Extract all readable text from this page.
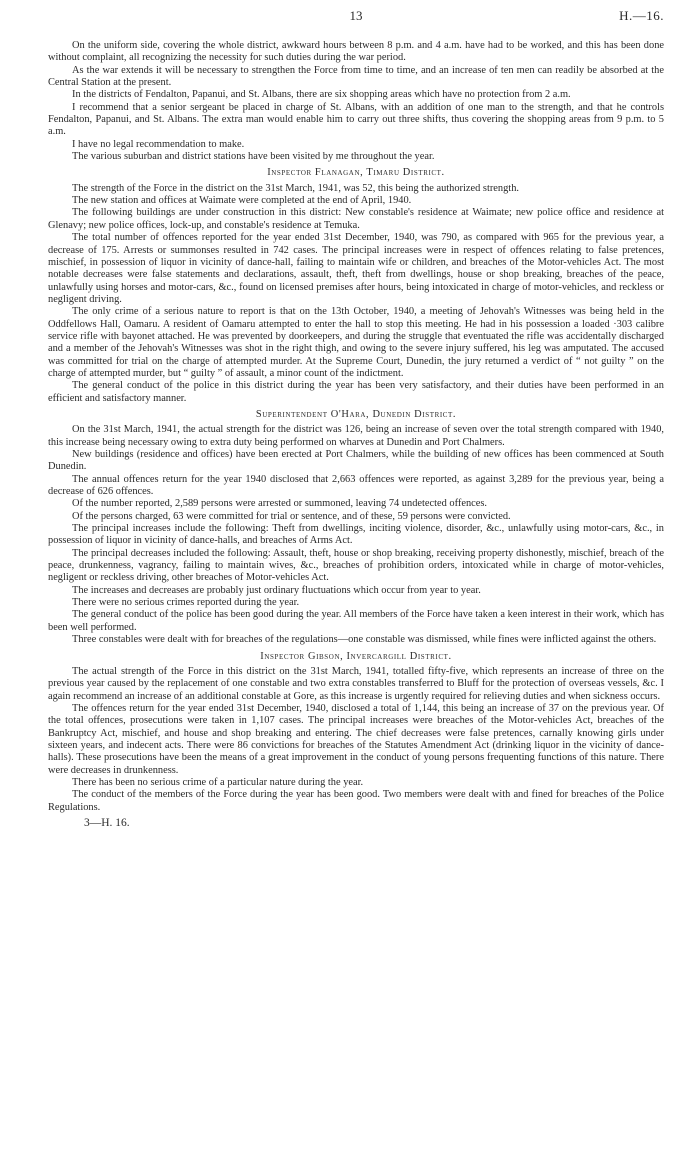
13	H.—16.

On the uniform side, covering the whole district, awkward hours between 8 p.m. and 4 a.m. have had to be worked, and this has been done without complaint, all recognizing the necessity for such duties during the war period.

As the war extends it will be necessary to strengthen the Force from time to time, and an increase of ten men can readily be absorbed at the Central Station at the present.

In the districts of Fendalton, Papanui, and St. Albans, there are six shopping areas which have no protection from 2 a.m.

I recommend that a senior sergeant be placed in charge of St. Albans, with an addition of one man to the strength, and that he controls Fendalton, Papanui, and St. Albans. The extra man would enable him to carry out three shifts, thus covering the shopping areas from 9 p.m. to 5 a.m.

I have no legal recommendation to make.

The various suburban and district stations have been visited by me throughout the year.

Inspector Flanagan, Timaru District.

The strength of the Force in the district on the 31st March, 1941, was 52, this being the authorized strength.

The new station and offices at Waimate were completed at the end of April, 1940.

The following buildings are under construction in this district: New constable's residence at Waimate; new police office and residence at Glenavy; new police offices, lock-up, and constable's residence at Temuka.

The total number of offences reported for the year ended 31st December, 1940, was 790, as compared with 965 for the previous year, a decrease of 175. Arrests or summonses resulted in 742 cases. The principal increases were in respect of offences relating to false pretences, mischief, in possession of liquor in vicinity of dance-hall, failing to maintain wife or children, and breaches of the Motor-vehicles Act. The most notable decreases were false statements and declarations, assault, theft, theft from dwellings, house or shop breaking, breaches of the peace, unlawfully using horses and motor-cars, &c., found on licensed premises after hours, being intoxicated in charge of motor-vehicles, and reckless or negligent driving.

The only crime of a serious nature to report is that on the 13th October, 1940, a meeting of Jehovah's Witnesses was being held in the Oddfellows Hall, Oamaru. A resident of Oamaru attempted to enter the hall to stop this meeting. He had in his possession a loaded ·303 calibre service rifle with bayonet attached. He was prevented by doorkeepers, and during the struggle that eventuated the rifle was accidentally discharged and a member of the Jehovah's Witnesses was shot in the right thigh, and owing to the severe injury suffered, his leg was amputated. The accused was committed for trial on the charge of attempted murder. At the Supreme Court, Dunedin, the jury returned a verdict of “ not guilty ” on the charge of attempted murder, but “ guilty ” of assault, a minor count of the indictment.

The general conduct of the police in this district during the year has been very satisfactory, and their duties have been performed in an efficient and satisfactory manner.

Superintendent O'Hara, Dunedin District.

On the 31st March, 1941, the actual strength for the district was 126, being an increase of seven over the total strength compared with 1940, this increase being necessary owing to extra duty being performed on wharves at Dunedin and Port Chalmers.

New buildings (residence and offices) have been erected at Port Chalmers, while the building of new offices has been commenced at South Dunedin.

The annual offences return for the year 1940 disclosed that 2,663 offences were reported, as against 3,289 for the previous year, being a decrease of 626 offences.

Of the number reported, 2,589 persons were arrested or summoned, leaving 74 undetected offences.

Of the persons charged, 63 were committed for trial or sentence, and of these, 59 persons were convicted.

The principal increases include the following: Theft from dwellings, inciting violence, disorder, &c., unlawfully using motor-cars, &c., in possession of liquor in vicinity of dance-halls, and breaches of Arms Act.

The principal decreases included the following: Assault, theft, house or shop breaking, receiving property dishonestly, mischief, breach of the peace, drunkenness, vagrancy, failing to maintain wives, &c., breaches of prohibition orders, intoxicated while in charge of motor-vehicles, negligent or reckless driving, other breaches of Motor-vehicles Act.

The increases and decreases are probably just ordinary fluctuations which occur from year to year.

There were no serious crimes reported during the year.

The general conduct of the police has been good during the year. All members of the Force have taken a keen interest in their work, which has been well performed.

Three constables were dealt with for breaches of the regulations—one constable was dismissed, while fines were inflicted against the others.

Inspector Gibson, Invercargill District.

The actual strength of the Force in this district on the 31st March, 1941, totalled fifty-five, which represents an increase of three on the previous year caused by the replacement of one constable and two extra constables transferred to Bluff for the protection of overseas vessels, &c. I again recommend an increase of an additional constable at Gore, as this increase is urgently required for relieving duties and when sickness occurs.

The offences return for the year ended 31st December, 1940, disclosed a total of 1,144, this being an increase of 37 on the previous year. Of the total offences, prosecutions were taken in 1,107 cases. The principal increases were breaches of the Motor-vehicles Act, breaches of the Bankruptcy Act, mischief, and house and shop breaking and entering. The chief decreases were false pretences, carnally knowing girls under sixteen years, and indecent acts. There were 86 convictions for breaches of the Statutes Amendment Act (drinking liquor in the vicinity of dance-halls). These prosecutions have been the means of a great improvement in the conduct of young persons frequenting functions of this nature. There were decreases in drunkenness.

There has been no serious crime of a particular nature during the year.

The conduct of the members of the Force during the year has been good. Two members were dealt with and fined for breaches of the Police Regulations.

3—H. 16.
